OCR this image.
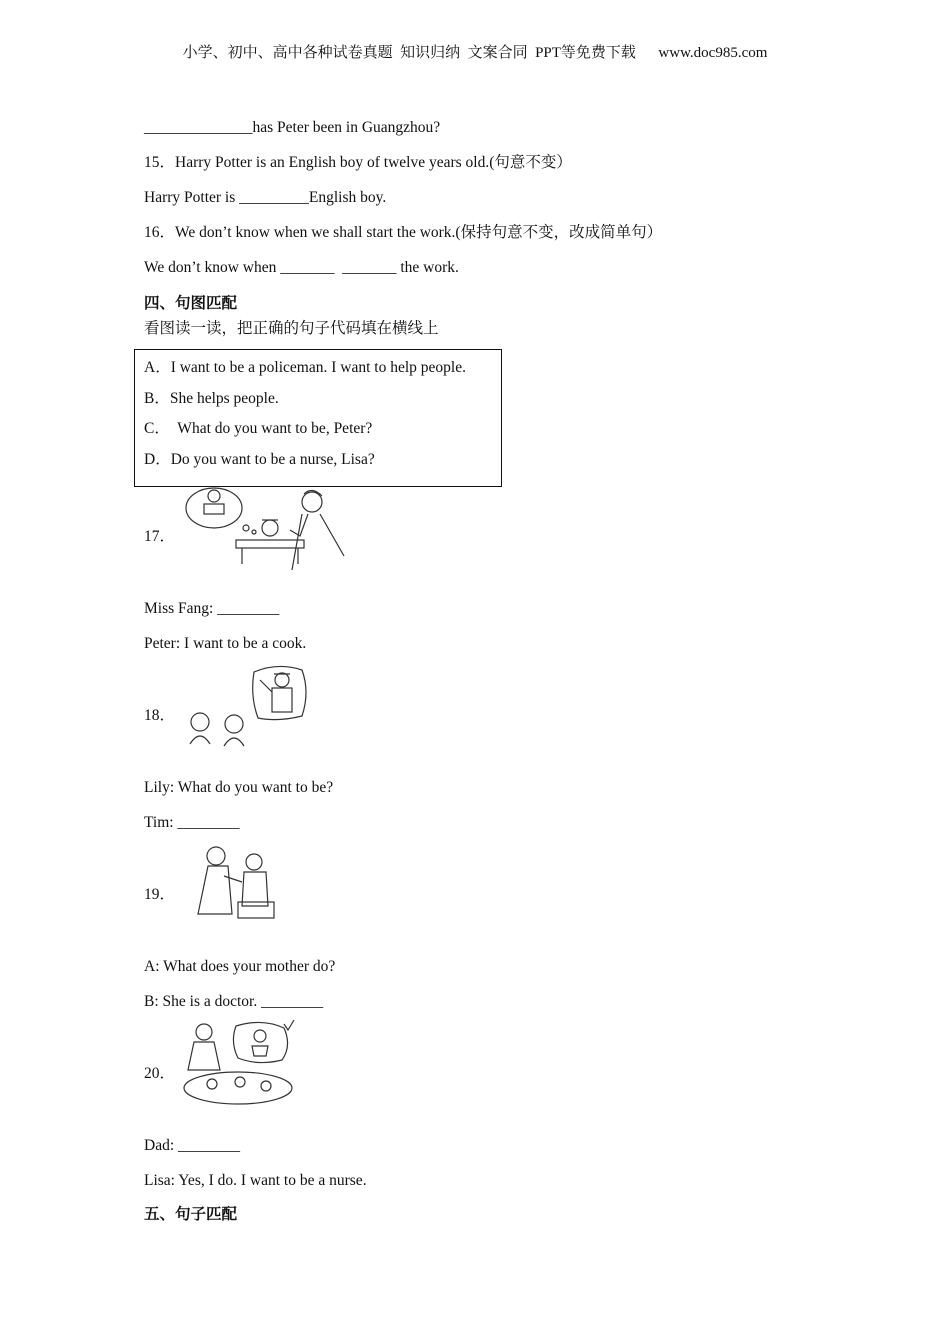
小学、初中、高中各种试卷真题  知识归纳  文案合同  PPT等免费下载      www.doc985.com
______________has Peter been in Guangzhou?
15．Harry Potter is an English boy of twelve years old.(句意不变）
Harry Potter is _________English boy.
16．We don’t know when we shall start the work.(保持句意不变，改成简单句）
We don’t know when _______  _______ the work.
四、句图匹配
看图读一读，把正确的句子代码填在横线上
A．I want to be a policeman. I want to help people.
B．She helps people.
C．  What do you want to be, Peter?
D．Do you want to be a nurse, Lisa?
17．
Miss Fang: ________
Peter: I want to be a cook.
18．
Lily: What do you want to be?
Tim: ________
19．
A: What does your mother do?
B: She is a doctor. ________
20．
Dad: ________
Lisa: Yes, I do. I want to be a nurse.
五、句子匹配
